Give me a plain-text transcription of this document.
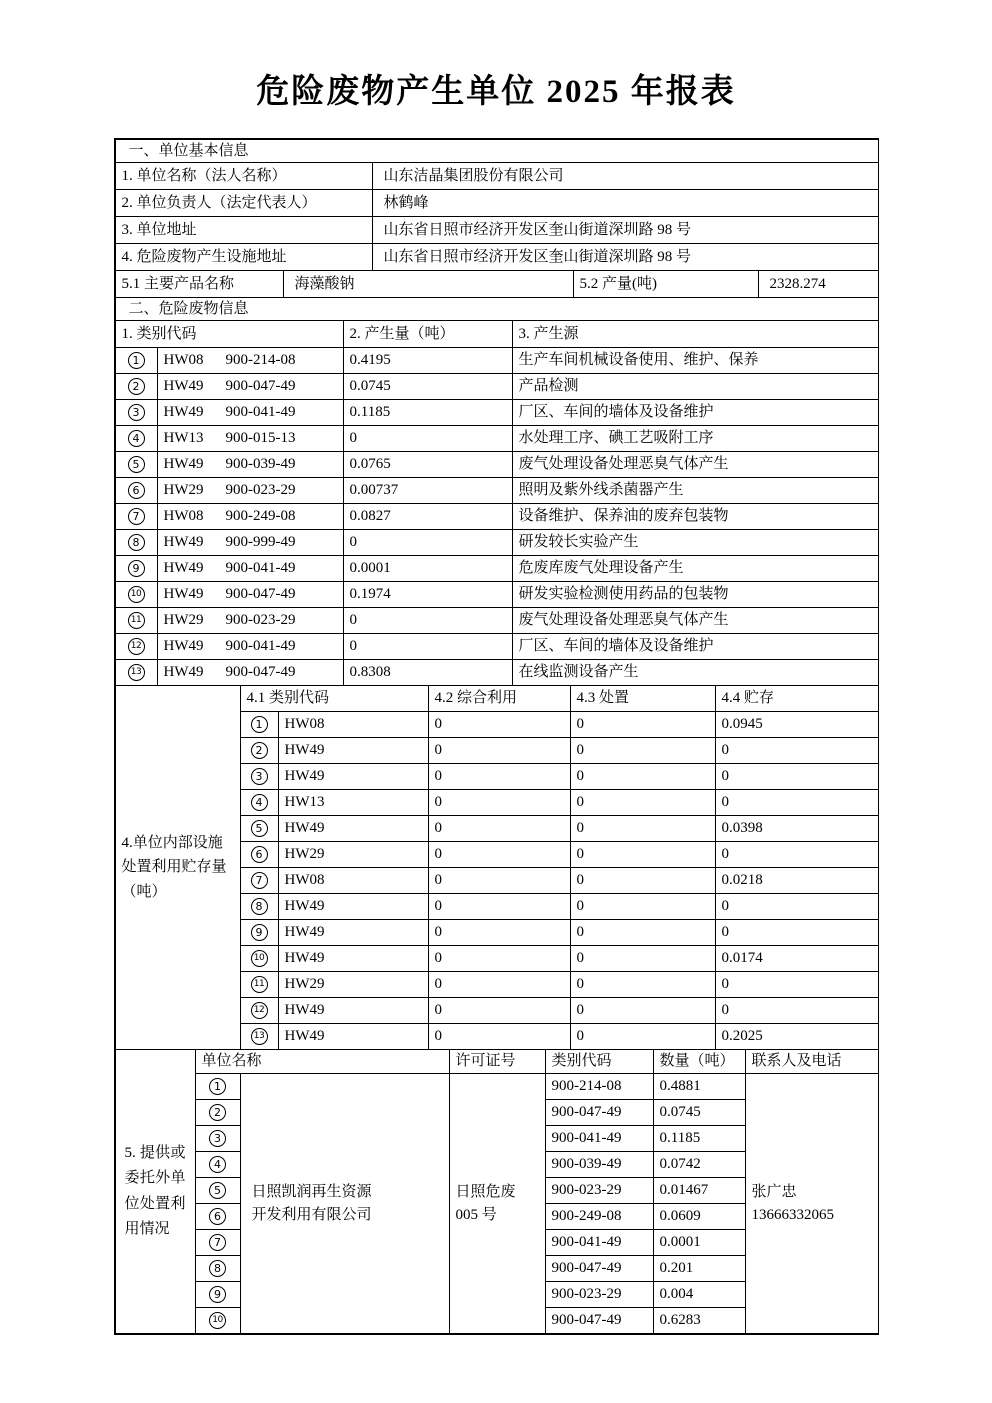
危险废物产生单位 2025 年报表
一、单位基本信息				
1. 单位名称（法人名称）		山东洁晶集团股份有限公司		
2. 单位负责人（法定代表人）		林鹤峰		
3. 单位地址		山东省日照市经济开发区奎山街道深圳路 98 号		
4. 危险废物产生设施地址		山东省日照市经济开发区奎山街道深圳路 98 号		
5.1 主要产品名称	海藻酸钠		5.2 产量(吨)	2328.274
二、危险废物信息			
1. 类别代码		2. 产生量（吨）	3. 产生源
1	HW08 900-214-08	0.4195	生产车间机械设备使用、维护、保养
2	HW49 900-047-49	0.0745	产品检测
3	HW49 900-041-49	0.1185	厂区、车间的墙体及设备维护
4	HW13 900-015-13	0	水处理工序、碘工艺吸附工序
5	HW49 900-039-49	0.0765	废气处理设备处理恶臭气体产生
6	HW29 900-023-29	0.00737	照明及紫外线杀菌器产生
7	HW08 900-249-08	0.0827	设备维护、保养油的废弃包装物
8	HW49 900-999-49	0	研发较长实验产生
9	HW49 900-041-49	0.0001	危废库废气处理设备产生
10	HW49 900-047-49	0.1974	研发实验检测使用药品的包装物
11	HW29 900-023-29	0	废气处理设备处理恶臭气体产生
12	HW49 900-041-49	0	厂区、车间的墙体及设备维护
13	HW49 900-047-49	0.8308	在线监测设备产生
4.单位内部设施处置利用贮存量（吨）	4.1 类别代码		4.2 综合利用	4.3 处置	4.4 贮存
	1	HW08	0	0	0.0945
	2	HW49	0	0	0
	3	HW49	0	0	0
	4	HW13	0	0	0
	5	HW49	0	0	0.0398
	6	HW29	0	0	0
	7	HW08	0	0	0.0218
	8	HW49	0	0	0
	9	HW49	0	0	0
	10	HW49	0	0	0.0174
	11	HW29	0	0	0
	12	HW49	0	0	0
	13	HW49	0	0	0.2025
5. 提供或委托外单位处置利用情况	单位名称		许可证号	类别代码	数量（吨）	联系人及电话
	1	日照凯润再生资源开发利用有限公司	日照危废 005 号	900-214-08	0.4881	张广忠
13666332065

	2			900-047-49	0.0745	
	3			900-041-49	0.1185	
	4			900-039-49	0.0742	
	5			900-023-29	0.01467	
	6			900-249-08	0.0609	
	7			900-041-49	0.0001	
	8			900-047-49	0.201	
	9			900-023-29	0.004	
	10			900-047-49	0.6283	
